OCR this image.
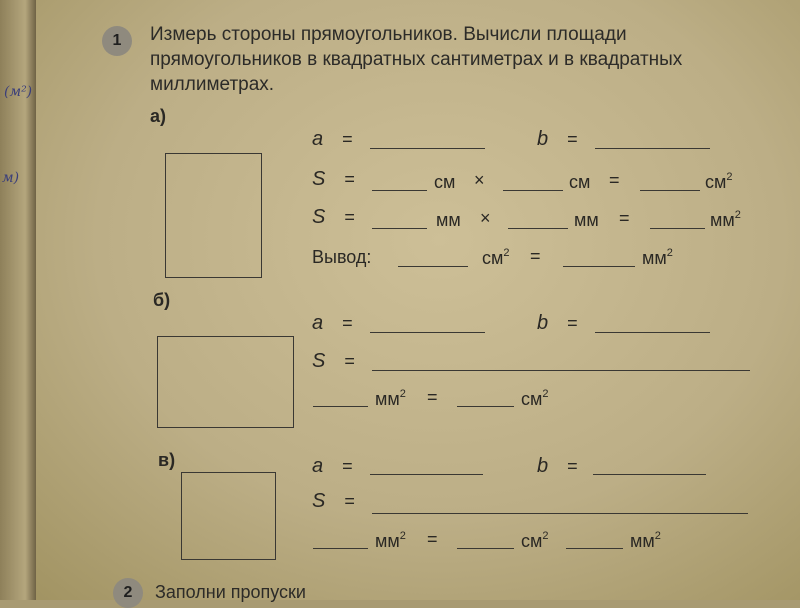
(м²)
м)
1	Измерь стороны прямоугольников. Вычисли площади прямоугольников в квадратных сантиметрах и в квадратных миллиметрах.
а)
a =	b =
S =	см ×	см =	$см^2$
S =	мм ×	мм =	$мм^2$
Вывод:	$см^2$ =	$мм^2$
б)
a =	b =
S =
$мм^2$ =	$см^2$
в)	a =	b =
S =
$мм^2$ =	$см^2$	$мм^2$
2	Заполни пропуски
